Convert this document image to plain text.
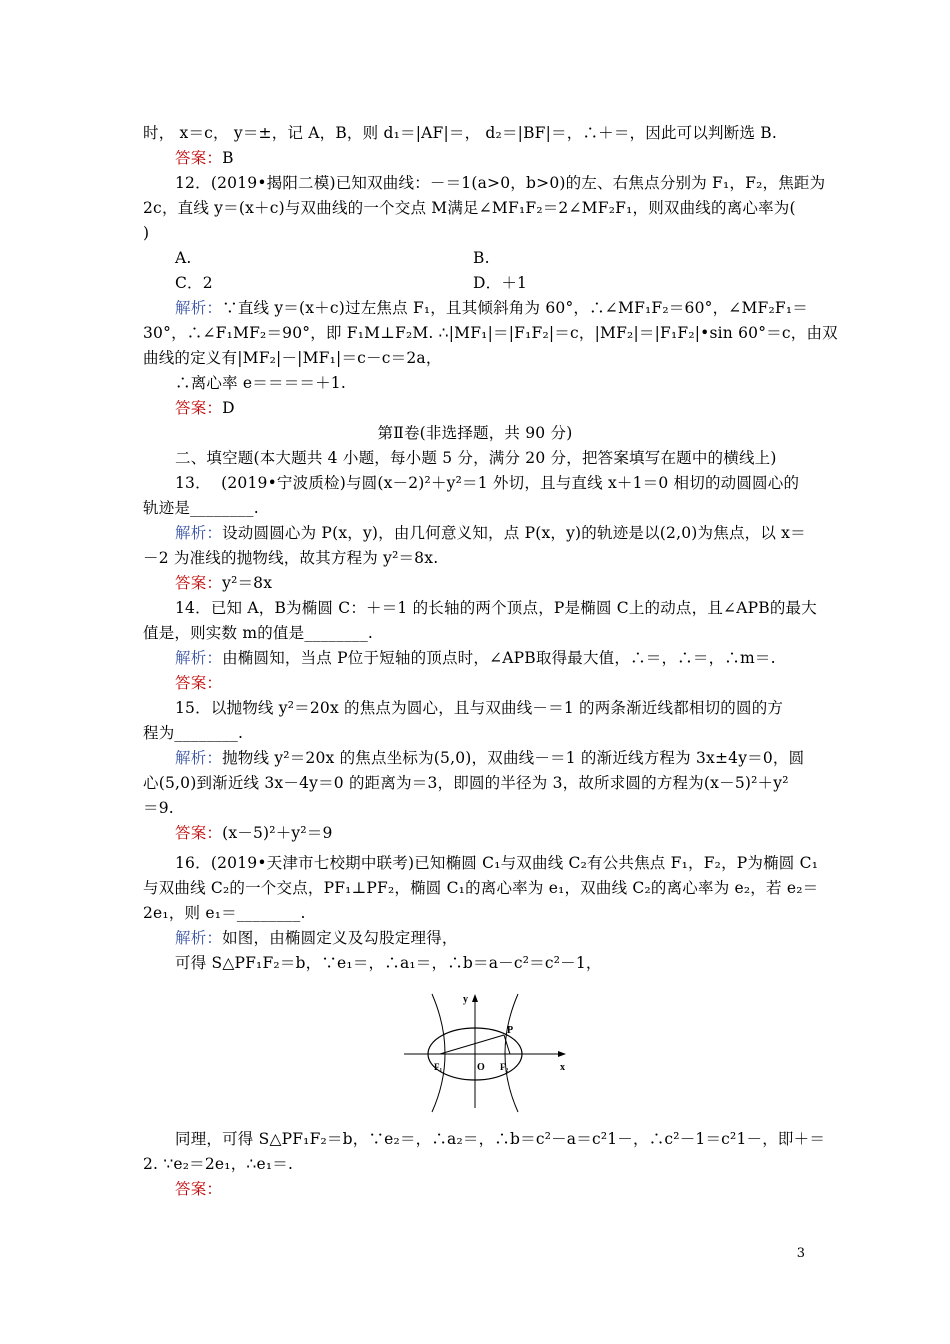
时， x＝c， y＝±，记 A，B，则 d₁＝|AF|＝， d₂＝|BF|＝，∴＋＝，因此可以判断选 B.
答案：B
12．(2019•揭阳二模)已知双曲线：－＝1(a>0，b>0)的左、右焦点分别为 F₁，F₂，焦距为
2c，直线 y＝(x＋c)与双曲线的一个交点 M满足∠MF₁F₂＝2∠MF₂F₁，则双曲线的离心率为(
)
A.	B.
C．2	D．＋1
解析：∵直线 y＝(x＋c)过左焦点 F₁，且其倾斜角为 60°，∴∠MF₁F₂＝60°，∠MF₂F₁＝
30°，∴∠F₁MF₂＝90°，即 F₁M⊥F₂M. ∴|MF₁|＝|F₁F₂|＝c，|MF₂|＝|F₁F₂|•sin 60°＝c，由双
曲线的定义有|MF₂|－|MF₁|＝c－c＝2a，
∴离心率 e＝＝＝＝＋1.
答案：D
第Ⅱ卷(非选择题，共 90 分)
二、填空题(本大题共 4 小题，每小题 5 分，满分 20 分，把答案填写在题中的横线上)
13．  (2019•宁波质检)与圆(x－2)²＋y²＝1 外切，且与直线 x＋1＝0 相切的动圆圆心的
轨迹是________.
解析：设动圆圆心为 P(x，y)，由几何意义知，点 P(x，y)的轨迹是以(2,0)为焦点，以 x＝
－2 为准线的抛物线，故其方程为 y²＝8x.
答案：y²＝8x
14．已知 A，B为椭圆 C：＋＝1 的长轴的两个顶点，P是椭圆 C上的动点，且∠APB的最大
值是，则实数 m的值是________.
解析：由椭圆知，当点 P位于短轴的顶点时，∠APB取得最大值，∴＝，∴＝，∴m＝.
答案：
15．以抛物线 y²＝20x 的焦点为圆心，且与双曲线－＝1 的两条渐近线都相切的圆的方
程为________.
解析：抛物线 y²＝20x 的焦点坐标为(5,0)，双曲线－＝1 的渐近线方程为 3x±4y＝0，圆
心(5,0)到渐近线 3x－4y＝0 的距离为＝3，即圆的半径为 3，故所求圆的方程为(x－5)²＋y²
＝9.
答案：(x－5)²＋y²＝9
16．(2019•天津市七校期中联考)已知椭圆 C₁与双曲线 C₂有公共焦点 F₁，F₂，P为椭圆 C₁
与双曲线 C₂的一个交点，PF₁⊥PF₂，椭圆 C₁的离心率为 e₁，双曲线 C₂的离心率为 e₂，若 e₂＝
2e₁，则 e₁＝________.
解析：如图，由椭圆定义及勾股定理得，
可得 S△PF₁F₂＝b，∵e₁＝，∴a₁＝，∴b＝a－c²＝c²－1，
y
x
O
P
F₁	F₂
同理，可得 S△PF₁F₂＝b，∵e₂＝，∴a₂＝，∴b＝c²－a＝c²1－，∴c²－1＝c²1－，即＋＝
2. ∵e₂＝2e₁，∴e₁＝.
答案：
3
